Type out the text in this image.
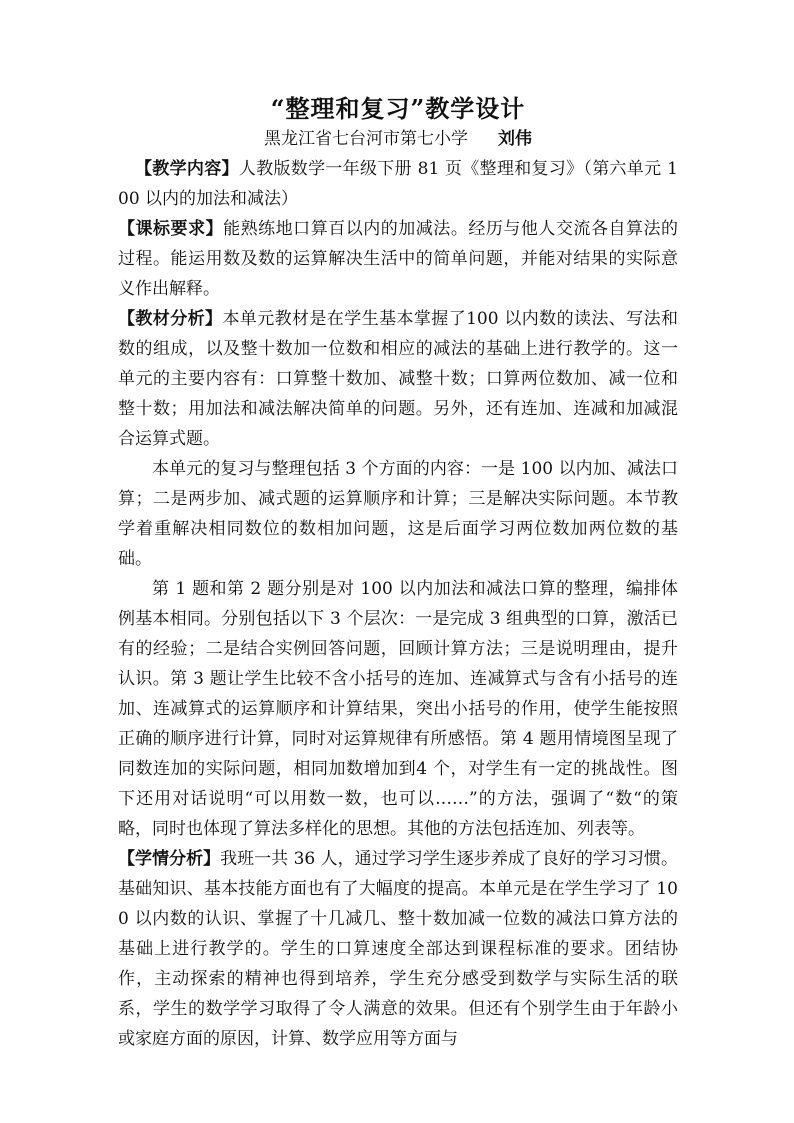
“整理和复习”教学设计
黑龙江省七台河市第七小学 刘伟

【教学内容】人教版数学一年级下册 81 页《整理和复习》（第六单元 100 以内的加法和减法）

【课标要求】能熟练地口算百以内的加减法。经历与他人交流各自算法的过程。能运用数及数的运算解决生活中的简单问题，并能对结果的实际意义作出解释。

【教材分析】本单元教材是在学生基本掌握了100 以内数的读法、写法和数的组成，以及整十数加一位数和相应的减法的基础上进行教学的。这一单元的主要内容有：口算整十数加、减整十数；口算两位数加、减一位和整十数；用加法和减法解决简单的问题。另外，还有连加、连减和加减混合运算式题。

本单元的复习与整理包括 3 个方面的内容：一是 100 以内加、减法口算；二是两步加、减式题的运算顺序和计算；三是解决实际问题。本节教学着重解决相同数位的数相加问题，这是后面学习两位数加两位数的基础。

第 1 题和第 2 题分别是对 100 以内加法和减法口算的整理，编排体例基本相同。分别包括以下 3 个层次：一是完成 3 组典型的口算，激活已有的经验；二是结合实例回答问题，回顾计算方法；三是说明理由，提升认识。第 3 题让学生比较不含小括号的连加、连减算式与含有小括号的连加、连减算式的运算顺序和计算结果，突出小括号的作用，使学生能按照正确的顺序进行计算，同时对运算规律有所感悟。第 4 题用情境图呈现了同数连加的实际问题，相同加数增加到4 个，对学生有一定的挑战性。图下还用对话说明“可以用数一数，也可以……”的方法，强调了“数“的策略，同时也体现了算法多样化的思想。其他的方法包括连加、列表等。

【学情分析】我班一共 36 人，通过学习学生逐步养成了良好的学习习惯。基础知识、基本技能方面也有了大幅度的提高。本单元是在学生学习了 100 以内数的认识、掌握了十几减几、整十数加减一位数的减法口算方法的基础上进行教学的。学生的口算速度全部达到课程标准的要求。团结协作，主动探索的精神也得到培养，学生充分感受到数学与实际生活的联系，学生的数学学习取得了令人满意的效果。但还有个别学生由于年龄小或家庭方面的原因，计算、数学应用等方面与
